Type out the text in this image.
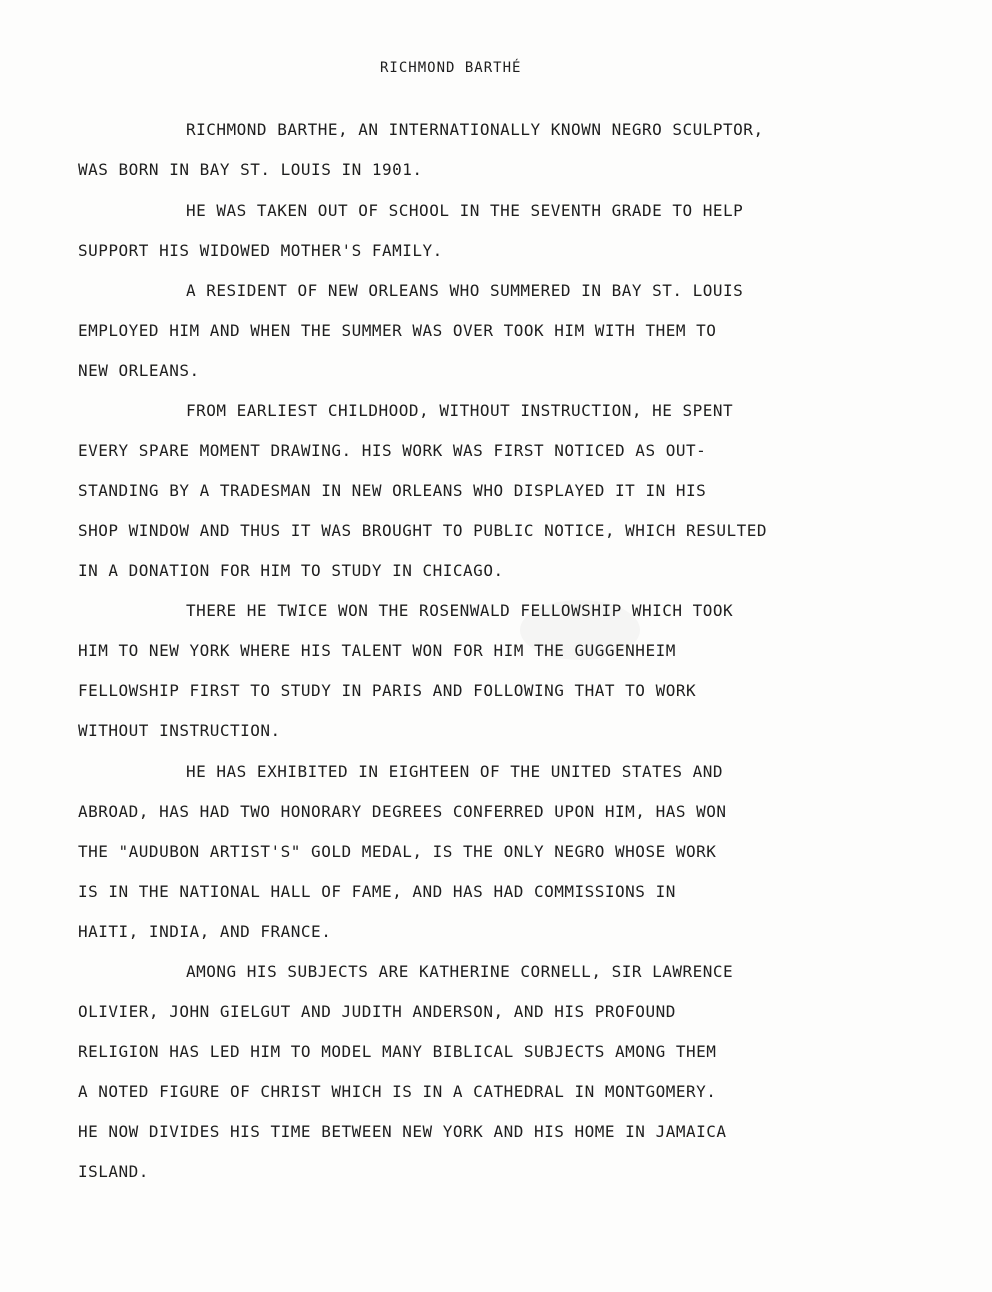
RICHMOND BARTHÉ
RICHMOND BARTHE, AN INTERNATIONALLY KNOWN NEGRO SCULPTOR,
WAS BORN IN BAY ST. LOUIS IN 1901.
HE WAS TAKEN OUT OF SCHOOL IN THE SEVENTH GRADE TO HELP
SUPPORT HIS WIDOWED MOTHER'S FAMILY.
A RESIDENT OF NEW ORLEANS WHO SUMMERED IN BAY ST. LOUIS
EMPLOYED HIM AND WHEN THE SUMMER WAS OVER TOOK HIM WITH THEM TO
NEW ORLEANS.
FROM EARLIEST CHILDHOOD, WITHOUT INSTRUCTION, HE SPENT
EVERY SPARE MOMENT DRAWING. HIS WORK WAS FIRST NOTICED AS OUT-
STANDING BY A TRADESMAN IN NEW ORLEANS WHO DISPLAYED IT IN HIS
SHOP WINDOW AND THUS IT WAS BROUGHT TO PUBLIC NOTICE, WHICH RESULTED
IN A DONATION FOR HIM TO STUDY IN CHICAGO.
THERE HE TWICE WON THE ROSENWALD FELLOWSHIP WHICH TOOK
HIM TO NEW YORK WHERE HIS TALENT WON FOR HIM THE GUGGENHEIM
FELLOWSHIP FIRST TO STUDY IN PARIS AND FOLLOWING THAT TO WORK
WITHOUT INSTRUCTION.
HE HAS EXHIBITED IN EIGHTEEN OF THE UNITED STATES AND
ABROAD, HAS HAD TWO HONORARY DEGREES CONFERRED UPON HIM, HAS WON
THE "AUDUBON ARTIST'S" GOLD MEDAL, IS THE ONLY NEGRO WHOSE WORK
IS IN THE NATIONAL HALL OF FAME, AND HAS HAD COMMISSIONS IN
HAITI, INDIA, AND FRANCE.
AMONG HIS SUBJECTS ARE KATHERINE CORNELL, SIR LAWRENCE
OLIVIER, JOHN GIELGUT AND JUDITH ANDERSON, AND HIS PROFOUND
RELIGION HAS LED HIM TO MODEL MANY BIBLICAL SUBJECTS AMONG THEM
A NOTED FIGURE OF CHRIST WHICH IS IN A CATHEDRAL IN MONTGOMERY.
HE NOW DIVIDES HIS TIME BETWEEN NEW YORK AND HIS HOME IN JAMAICA
ISLAND.
